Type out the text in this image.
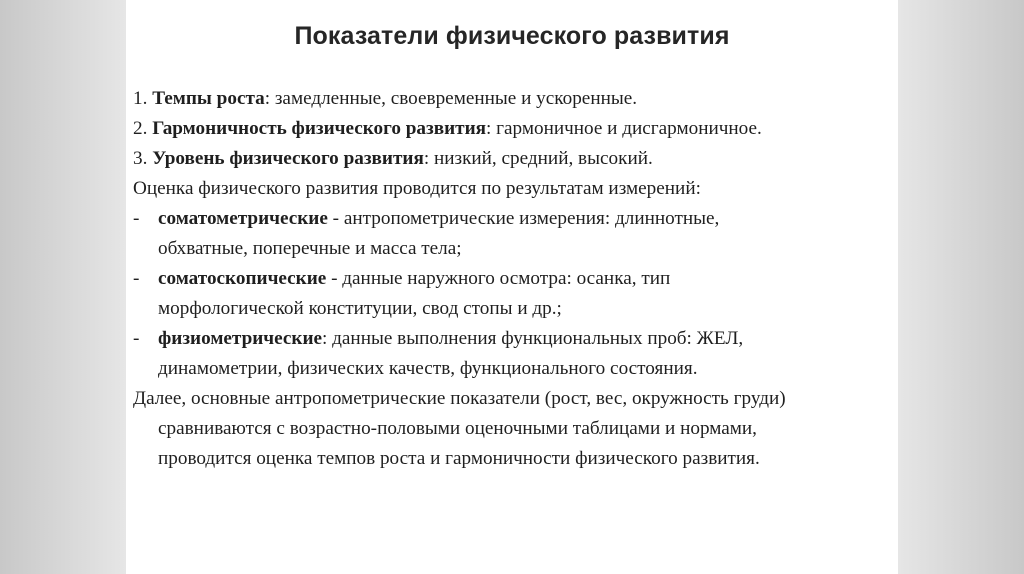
Показатели физического развития
1. Темпы роста: замедленные, своевременные и ускоренные.
2. Гармоничность физического развития: гармоничное и дисгармоничное.
3. Уровень физического развития: низкий, средний, высокий.
Оценка физического развития проводится по результатам измерений:
- соматометрические - антропометрические измерения: длиннотные,
обхватные, поперечные и масса тела;
- соматоскопические - данные наружного осмотра: осанка, тип
морфологической конституции, свод стопы и др.;
- физиометрические: данные выполнения функциональных проб: ЖЕЛ,
динамометрии, физических качеств, функционального состояния.
Далее, основные антропометрические показатели (рост, вес, окружность груди)
сравниваются с возрастно-половыми оценочными таблицами и нормами,
проводится оценка темпов роста и гармоничности физического развития.
